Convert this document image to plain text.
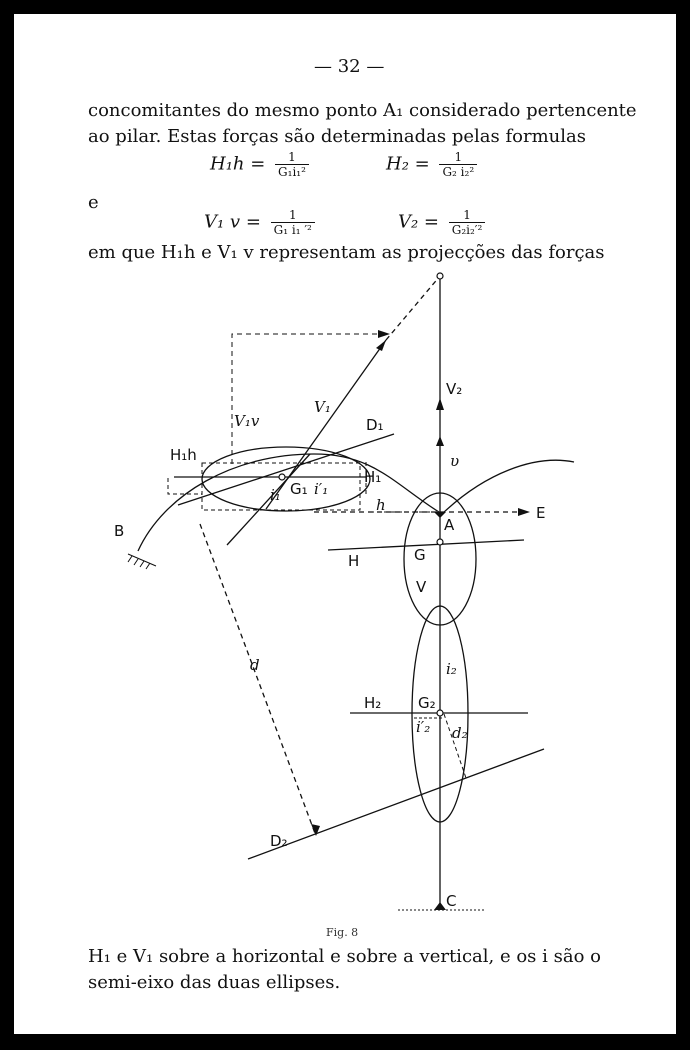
— 32 —
concomitantes do mesmo ponto A₁ considerado pertencente
ao pilar. Estas forças são determinadas pelas formulas
$H_1h = \frac{1}{\text{G₁i₁²}}$	$H_2 = \frac{1}{\text{G₂ i₂²}}$
e
V₁ $v = \frac{1}{\text{G₁ i₁ ′²}}$	$V_2 = \frac{1}{\text{G₂i₂′²}}$
em que H₁h e V₁ v representam as projecções das forças
B
H₁h
V₁v
V₁
D₁
H₁
G₁
i₁ i′₁
h
A
E
V₂
υ
G
H
V
d	i₂
H₂ G₂
i′₂ d₂
D₂
C
Fig. 8
H₁ e V₁ sobre a horizontal e sobre a vertical, e os i são o
semi-eixo das duas ellipses.
